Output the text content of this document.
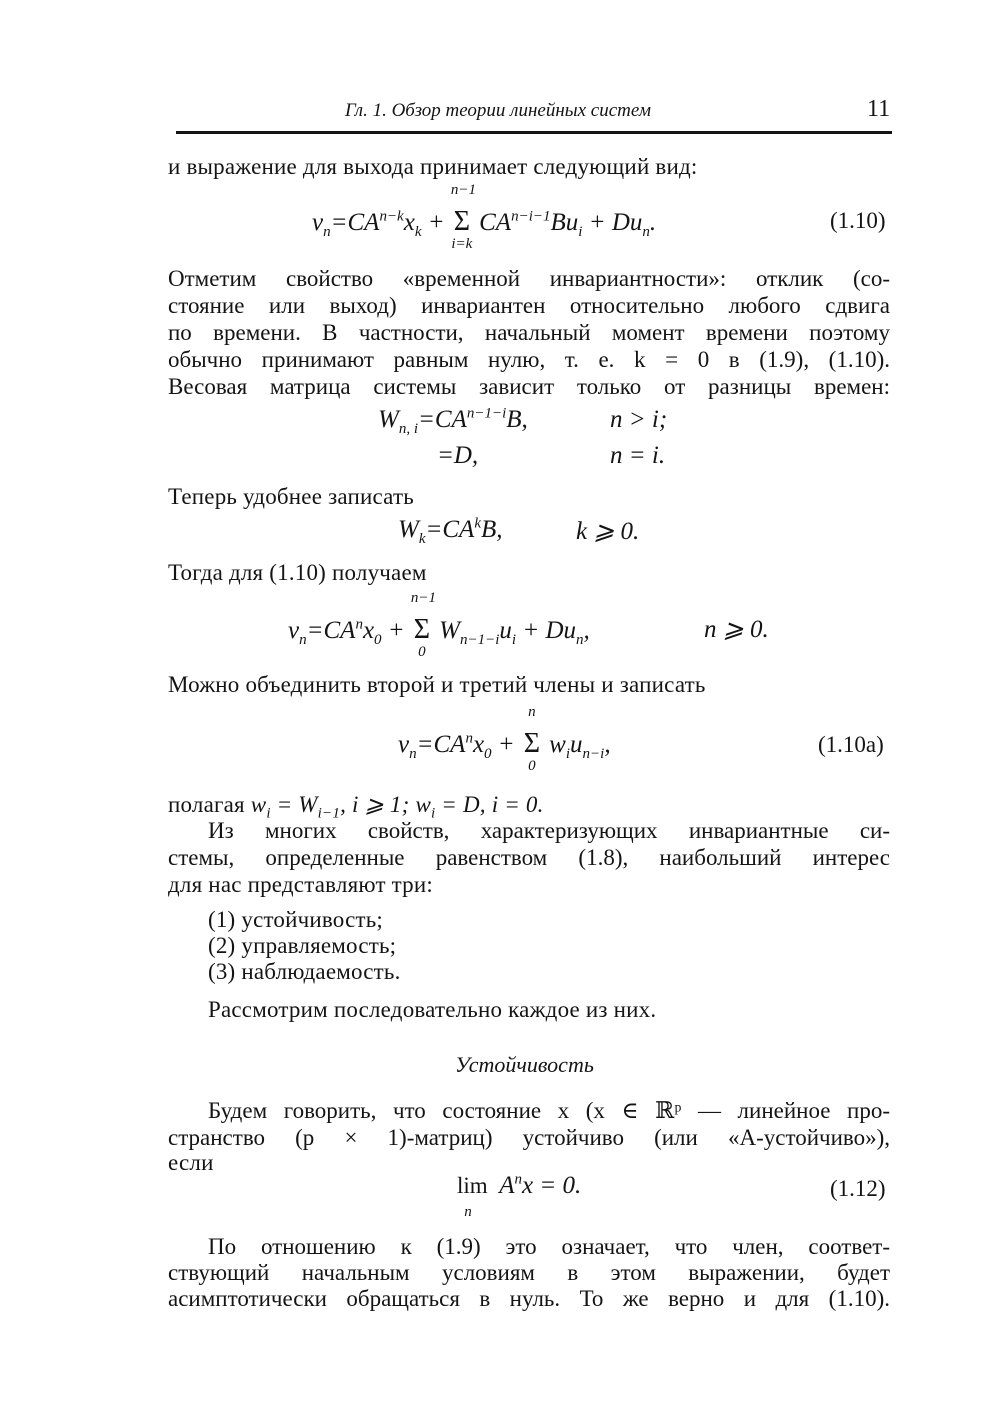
Гл. 1. Обзор теории линейных систем	11
и выражение для выхода принимает следующий вид:
$v_n=CA^{n-k}x_k$ +
n−1
Σ
i=k
$CA^{n-i-1}Bu_i + Du_n$.	(1.10)
Отметим свойство «временной инвариантности»: отклик (со-
стояние или выход) инвариантен относительно любого сдвига
по времени. В частности, начальный момент времени поэтому
обычно принимают равным нулю, т. е. k = 0 в (1.9), (1.10).
Весовая матрица системы зависит только от разницы времен:
$W_{n, i}=CA^{n-1-i}B$,	n > i;
=D,	n = i.
Теперь удобнее записать
$W_k=CA^kB$,	k ⩾ 0.
Тогда для (1.10) получаем
$v_n=CA^nx_0$ +
n−1
Σ
0
$W_{n-1-i}u_i + Du_n$,	n ⩾ 0.
Можно объединить второй и третий члены и записать
$v_n=CA^nx_0$ +
n
Σ
0
$w_iu_{n-i}$,	(1.10a)
полагая $w_i = W_{i-1}$, i ⩾ 1; $w_i = D$, i = 0.
Из многих свойств, характеризующих инвариантные си-
стемы, определенные равенством (1.8), наибольший интерес
для нас представляют три:
(1) устойчивость;
(2) управляемость;
(3) наблюдаемость.
Рассмотрим последовательно каждое из них.
Устойчивость
Будем говорить, что состояние x (x ∈ ℝᵖ — линейное про-
странство (p × 1)-матриц) устойчиво (или «A-устойчиво»),
если
lim
n
$A^nx = 0$.	(1.12)
По отношению к (1.9) это означает, что член, соответ-
ствующий начальным условиям в этом выражении, будет
асимптотически обращаться в нуль. То же верно и для (1.10).
